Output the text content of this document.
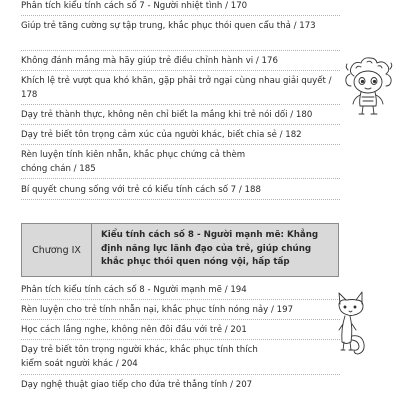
Phân tích kiểu tính cách số 7 - Người nhiệt tình / 170

Giúp trẻ tăng cường sự tập trung, khắc phục thói quen cẩu thả / 173

Không đánh mắng mà hãy giúp trẻ điều chỉnh hành vi / 176

Khích lệ trẻ vượt qua khó khăn, gặp phải trở ngại cùng nhau giải quyết / 178

Dạy trẻ thành thực, không nên chỉ biết la mắng khi trẻ nói dối / 180

Dạy trẻ biết tôn trọng cảm xúc của người khác, biết chia sẻ / 182

Rèn luyện tính kiên nhẫn, khắc phục chứng cả thèm chóng chán / 185

Bí quyết chung sống với trẻ có kiểu tính cách số 7 / 188

Chương IX
Kiểu tính cách số 8 - Người mạnh mẽ: Khẳng định năng lực lãnh đạo của trẻ, giúp chúng khắc phục thói quen nóng vội, hấp tấp

Phân tích kiểu tính cách số 8 - Người mạnh mẽ / 194

Rèn luyện cho trẻ tính nhẫn nại, khắc phục tính nóng nảy / 197

Học cách lắng nghe, không nên đôi đầu với trẻ / 201

Dạy trẻ biết tôn trọng người khác, khắc phục tính thích kiểm soát người khác / 204

Dạy nghệ thuật giao tiếp cho đứa trẻ thẳng tính / 207
